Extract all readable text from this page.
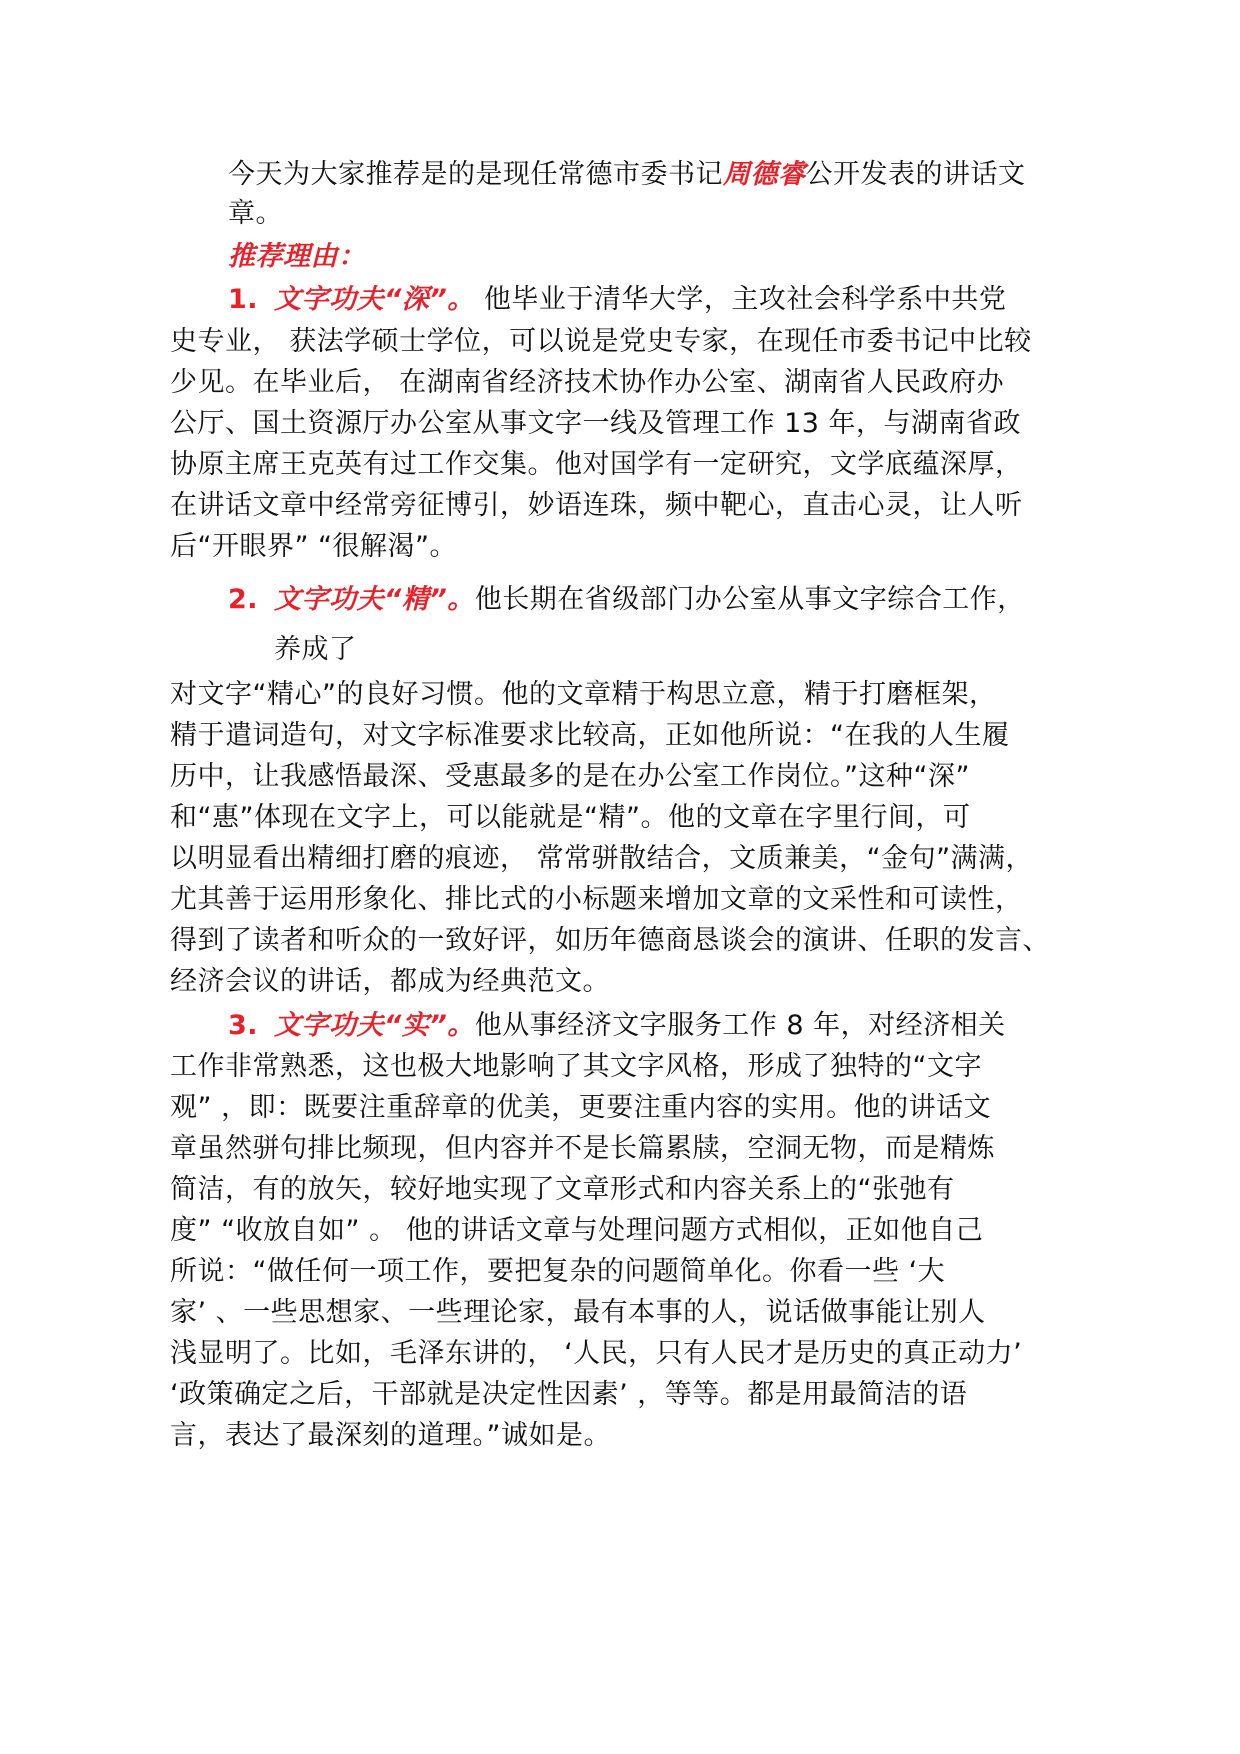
今天为大家推荐是的是现任常德市委书记周德睿公开发表的讲话文
章。
推荐理由：
1. 文字功夫“深”。 他毕业于清华大学，主攻社会科学系中共党
史专业， 获法学硕士学位，可以说是党史专家，在现任市委书记中比较
少见。在毕业后， 在湖南省经济技术协作办公室、湖南省人民政府办
公厅、国土资源厅办公室从事文字一线及管理工作 13 年，与湖南省政
协原主席王克英有过工作交集。他对国学有一定研究，文学底蕴深厚，
在讲话文章中经常旁征博引，妙语连珠，频中靶心，直击心灵，让人听
后“开眼界” “很解渴”。
2. 文字功夫“精”。他长期在省级部门办公室从事文字综合工作，
养成了
对文字“精心”的良好习惯。他的文章精于构思立意，精于打磨框架，
精于遣词造句，对文字标准要求比较高，正如他所说：“在我的人生履
历中，让我感悟最深、受惠最多的是在办公室工作岗位。”这种“深”
和“惠”体现在文字上，可以能就是“精”。他的文章在字里行间，可
以明显看出精细打磨的痕迹， 常常骈散结合，文质兼美，“金句”满满，
尤其善于运用形象化、排比式的小标题来增加文章的文采性和可读性，
得到了读者和听众的一致好评，如历年德商恳谈会的演讲、任职的发言、
经济会议的讲话，都成为经典范文。
3. 文字功夫“实”。他从事经济文字服务工作 8 年，对经济相关
工作非常熟悉，这也极大地影响了其文字风格，形成了独特的“文字
观” ，即：既要注重辞章的优美，更要注重内容的实用。他的讲话文
章虽然骈句排比频现，但内容并不是长篇累牍，空洞无物，而是精炼
简洁，有的放矢，较好地实现了文章形式和内容关系上的“张弛有
度” “收放自如” 。 他的讲话文章与处理问题方式相似，正如他自己
所说：“做任何一项工作，要把复杂的问题简单化。你看一些 ‘大
家’ 、一些思想家、一些理论家，最有本事的人，说话做事能让别人
浅显明了。比如，毛泽东讲的， ‘人民，只有人民才是历史的真正动力’
‘政策确定之后，干部就是决定性因素’ ，等等。都是用最简洁的语
言，表达了最深刻的道理。”诚如是。
